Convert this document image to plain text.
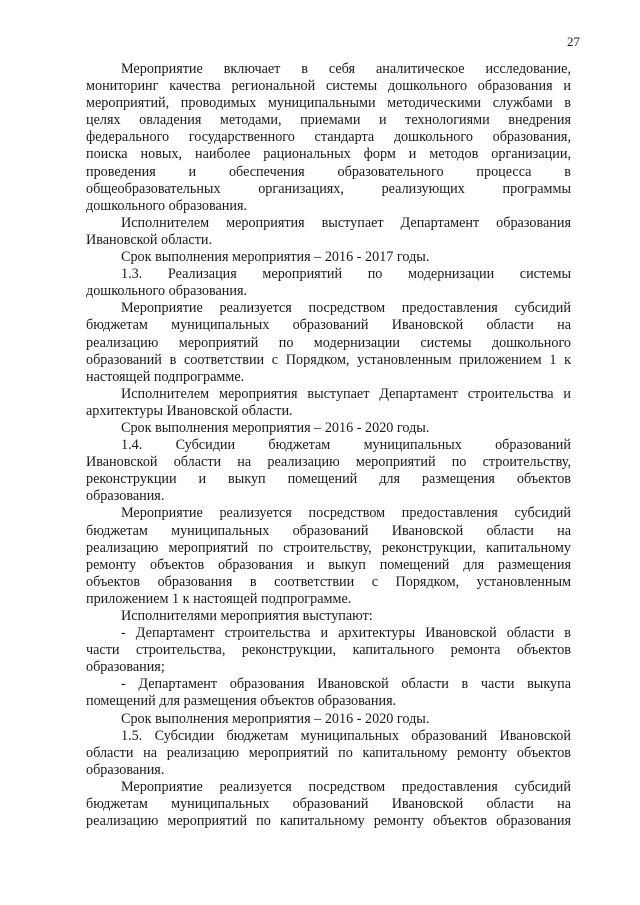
27
Мероприятие включает в себя аналитическое исследование,
мониторинг качества региональной системы дошкольного образования и
мероприятий, проводимых муниципальными методическими службами в
целях овладения методами, приемами и технологиями внедрения
федерального государственного стандарта дошкольного образования,
поиска новых, наиболее рациональных форм и методов организации,
проведения и обеспечения образовательного процесса в
общеобразовательных организациях, реализующих программы
дошкольного образования.
Исполнителем мероприятия выступает Департамент образования
Ивановской области.
Срок выполнения мероприятия – 2016 - 2017 годы.
1.3. Реализация мероприятий по модернизации системы
дошкольного образования.
Мероприятие реализуется посредством предоставления субсидий
бюджетам муниципальных образований Ивановской области на
реализацию мероприятий по модернизации системы дошкольного
образований в соответствии с Порядком, установленным приложением 1 к
настоящей подпрограмме.
Исполнителем мероприятия выступает Департамент строительства и
архитектуры Ивановской области.
Срок выполнения мероприятия – 2016 - 2020 годы.
1.4. Субсидии бюджетам муниципальных образований
Ивановской области на реализацию мероприятий по строительству,
реконструкции и выкуп помещений для размещения объектов
образования.
Мероприятие реализуется посредством предоставления субсидий
бюджетам муниципальных образований Ивановской области на
реализацию мероприятий по строительству, реконструкции, капитальному
ремонту объектов образования и выкуп помещений для размещения
объектов образования в соответствии с Порядком, установленным
приложением 1 к настоящей подпрограмме.
Исполнителями мероприятия выступают:
- Департамент строительства и архитектуры Ивановской области в
части строительства, реконструкции, капитального ремонта объектов
образования;
- Департамент образования Ивановской области в части выкупа
помещений для размещения объектов образования.
Срок выполнения мероприятия – 2016 - 2020 годы.
1.5. Субсидии бюджетам муниципальных образований Ивановской
области на реализацию мероприятий по капитальному ремонту объектов
образования.
Мероприятие реализуется посредством предоставления субсидий
бюджетам муниципальных образований Ивановской области на
реализацию мероприятий по капитальному ремонту объектов образования
